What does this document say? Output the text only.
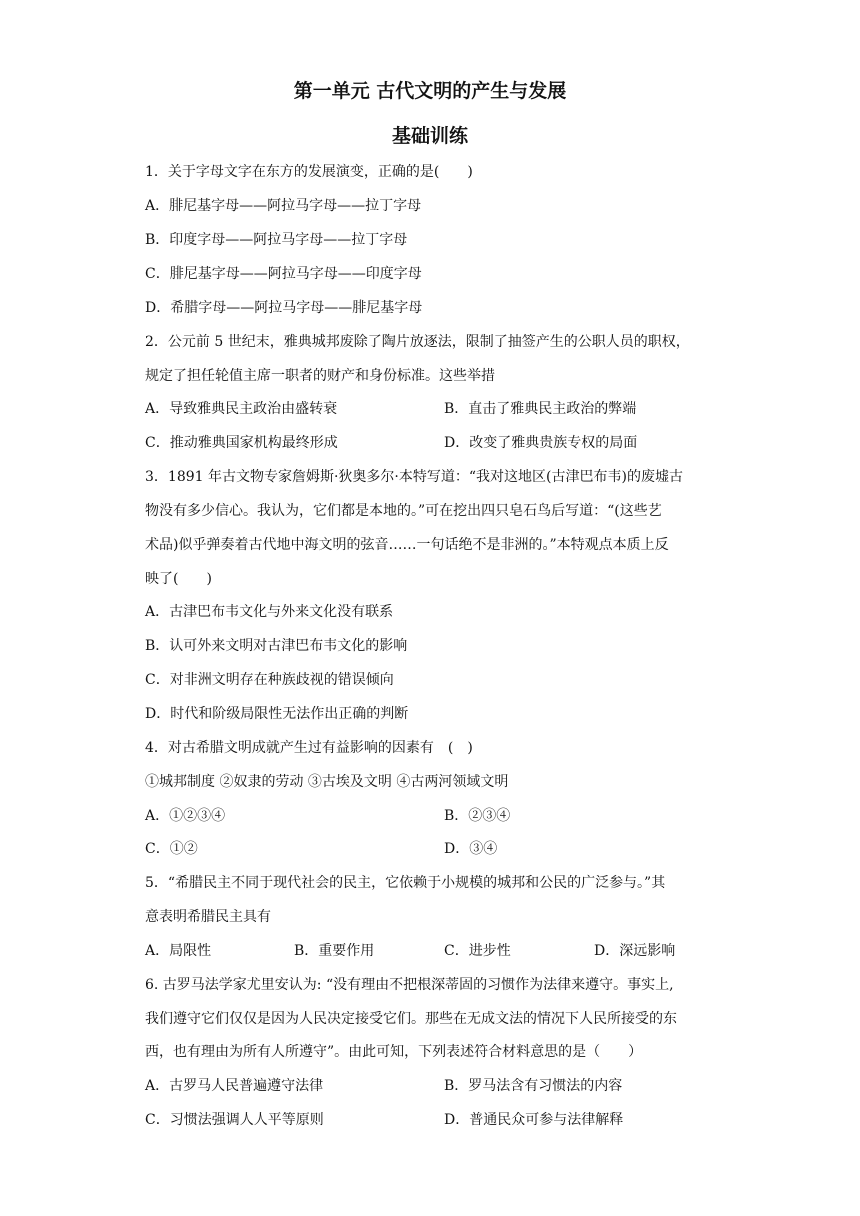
第一单元 古代文明的产生与发展
基础训练
1．关于字母文字在东方的发展演变，正确的是(　　)
A．腓尼基字母——阿拉马字母——拉丁字母
B．印度字母——阿拉马字母——拉丁字母
C．腓尼基字母——阿拉马字母——印度字母
D．希腊字母——阿拉马字母——腓尼基字母
2．公元前 5 世纪末，雅典城邦废除了陶片放逐法，限制了抽签产生的公职人员的职权，
规定了担任轮值主席一职者的财产和身份标准。这些举措
A．导致雅典民主政治由盛转衰	B．直击了雅典民主政治的弊端
C．推动雅典国家机构最终形成	D．改变了雅典贵族专权的局面
3．1891 年古文物专家詹姆斯·狄奥多尔·本特写道：“我对这地区(古津巴布韦)的废墟古
物没有多少信心。我认为，它们都是本地的。”可在挖出四只皂石鸟后写道：“(这些艺
术品)似乎弹奏着古代地中海文明的弦音……一句话绝不是非洲的。”本特观点本质上反
映了(　　)
A．古津巴布韦文化与外来文化没有联系
B．认可外来文明对古津巴布韦文化的影响
C．对非洲文明存在种族歧视的错误倾向
D．时代和阶级局限性无法作出正确的判断
4．对古希腊文明成就产生过有益影响的因素有　(　)
①城邦制度 ②奴隶的劳动 ③古埃及文明 ④古两河领域文明
A．①②③④	B．②③④
C．①②	D．③④
5．“希腊民主不同于现代社会的民主，它依赖于小规模的城邦和公民的广泛参与。”其
意表明希腊民主具有
A．局限性	B．重要作用	C．进步性	D．深远影响
6. 古罗马法学家尤里安认为: “没有理由不把根深蒂固的习惯作为法律来遵守。事实上,
我们遵守它们仅仅是因为人民决定接受它们。那些在无成文法的情况下人民所接受的东
西，也有理由为所有人所遵守”。由此可知，下列表述符合材料意思的是（　　）
A．古罗马人民普遍遵守法律	B．罗马法含有习惯法的内容
C．习惯法强调人人平等原则	D．普通民众可参与法律解释
